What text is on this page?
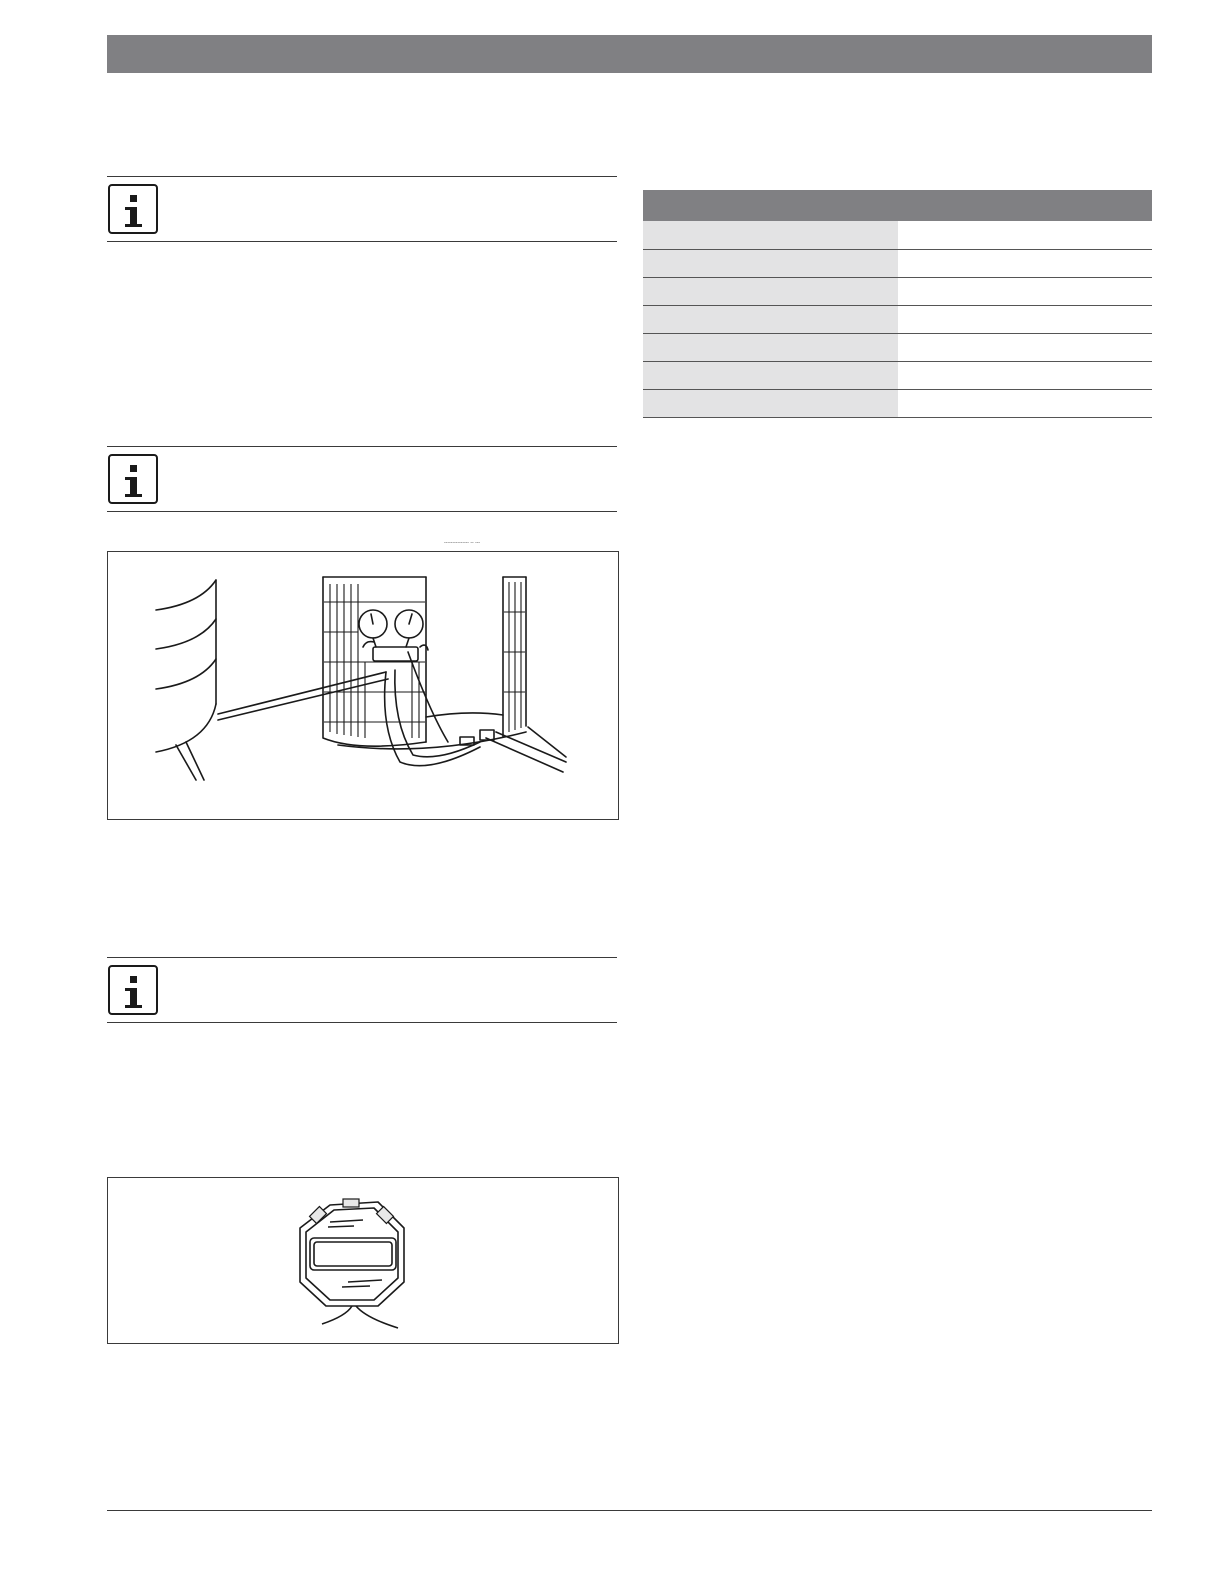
--------------- -- ---
